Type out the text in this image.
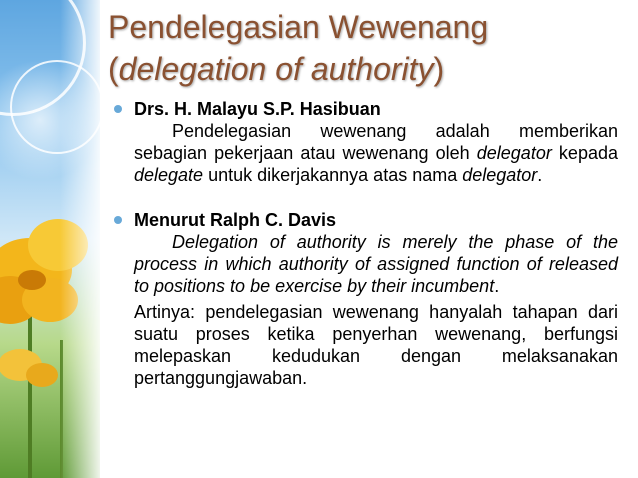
Pendelegasian Wewenang
(delegation of authority)

Drs. H. Malayu S.P. Hasibuan

Pendelegasian wewenang adalah memberikan sebagian pekerjaan atau wewenang oleh delegator kepada delegate untuk dikerjakannya atas nama delegator.

Menurut Ralph C. Davis

Delegation of authority is merely the phase of the process in which authority of assigned function of released to positions to be exercise by their incumbent.

Artinya: pendelegasian wewenang hanyalah tahapan dari suatu proses ketika penyerhan wewenang, berfungsi melepaskan kedudukan dengan melaksanakan pertanggungjawaban.
